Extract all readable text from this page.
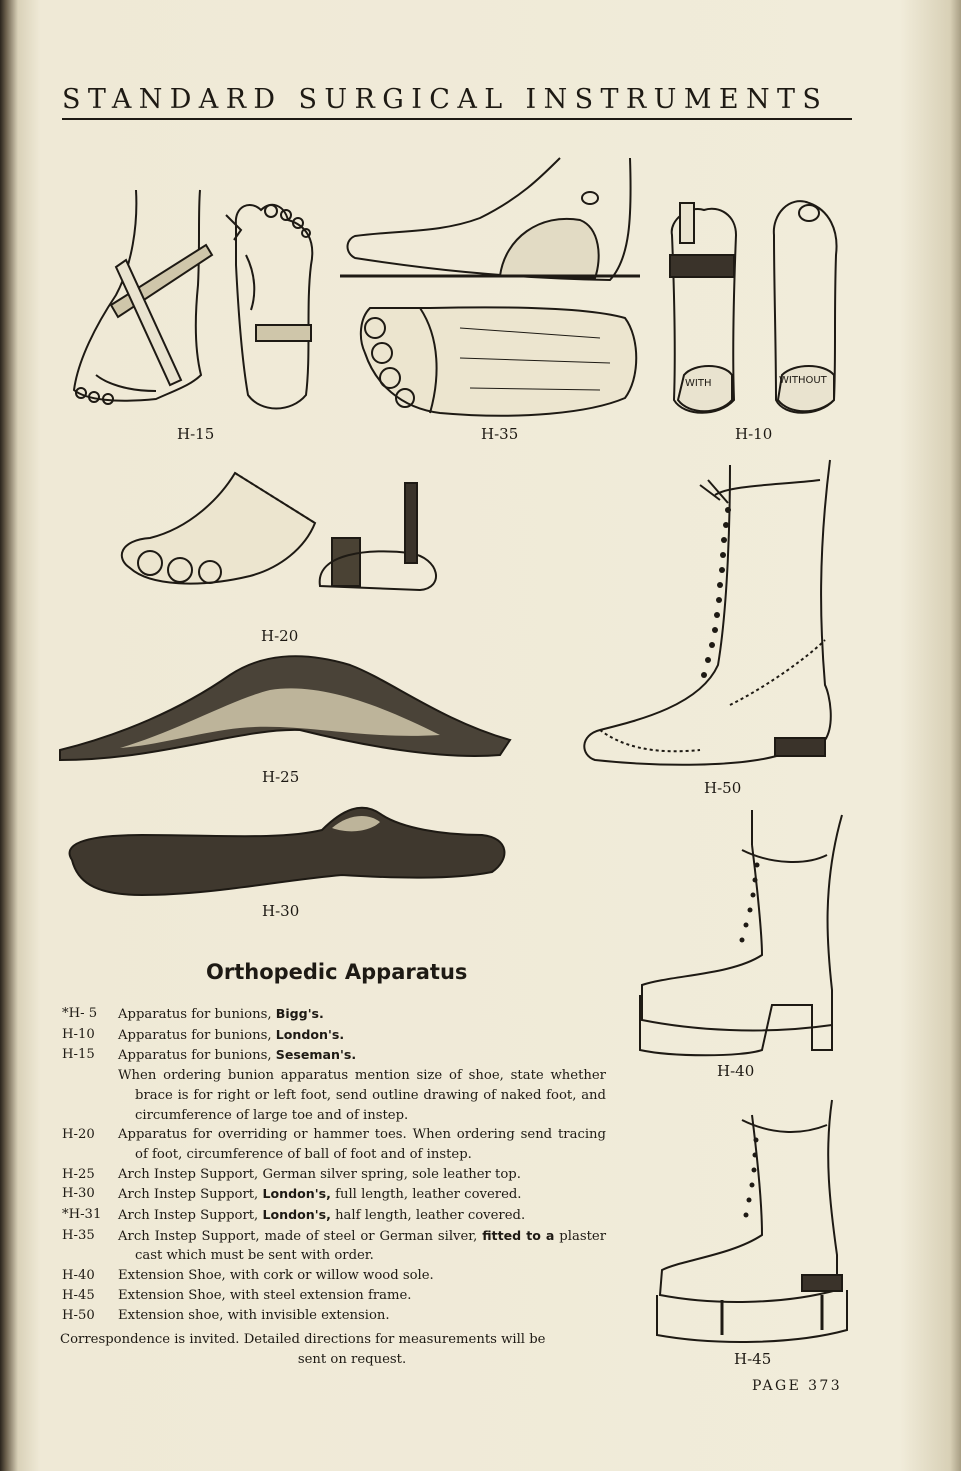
STANDARD SURGICAL INSTRUMENTS
WITH	WITHOUT
H-15	H-35	H-10
H-20
H-25
H-30
H-50
H-40
H-45
Orthopedic Apparatus
*H- 5	Apparatus for bunions, Bigg's.
H-10	Apparatus for bunions, London's.
H-15	Apparatus for bunions, Seseman's.
When ordering bunion apparatus mention size of shoe, state whether brace is for right or left foot, send outline drawing of naked foot, and circumference of large toe and of instep.
H-20	Apparatus for overriding or hammer toes. When ordering send tracing of foot, circumference of ball of foot and of instep.
H-25	Arch Instep Support, German silver spring, sole leather top.
H-30	Arch Instep Support, London's, full length, leather covered.
*H-31	Arch Instep Support, London's, half length, leather covered.
H-35	Arch Instep Support, made of steel or German silver, fitted to a plaster cast which must be sent with order.
H-40	Extension Shoe, with cork or willow wood sole.
H-45	Extension Shoe, with steel extension frame.
H-50	Extension shoe, with invisible extension.
Correspondence is invited. Detailed directions for measurements will be
sent on request.
PAGE 373
